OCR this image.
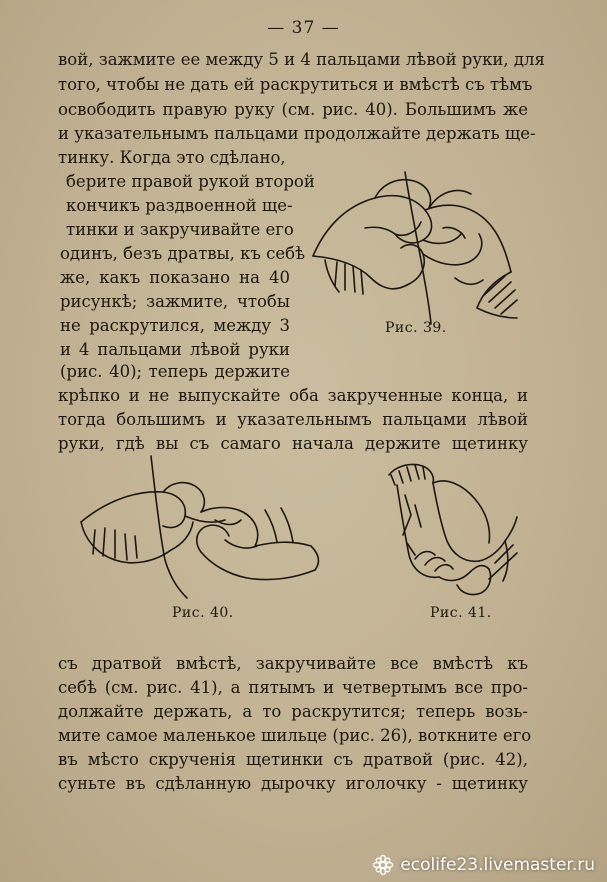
— 37 —
вой, зажмите ее между 5 и 4 пальцами лѣвой руки, для
того, чтобы не дать ей раскрутиться и вмѣстѣ съ тѣмъ
освободить правую руку (см. рис. 40). Большимъ же
и указательнымъ пальцами продолжайте держать ще-
тинку. Когда это сдѣлано,
берите правой рукой второй
кончикъ раздвоенной ще-
тинки и закручивайте его
одинъ, безъ дратвы, къ себѣ
же, какъ показано на 40
рисункѣ; зажмите, чтобы
не раскрутился, между 3
и 4 пальцами лѣвой руки
(рис. 40); теперь держите
крѣпко и не выпускайте оба закрученные конца, и
тогда большимъ и указательнымъ пальцами лѣвой
руки, гдѣ вы съ самаго начала держите щетинку
Рис. 39.
Рис. 40.	Рис. 41.
съ дратвой вмѣстѣ, закручивайте все вмѣстѣ къ
себѣ (см. рис. 41), а пятымъ и четвертымъ все про-
должайте держать, а то раскрутится; теперь возь-
мите самое маленькое шильце (рис. 26), воткните его
въ мѣсто скрученія щетинки съ дратвой (рис. 42),
суньте въ сдѣланную дырочку иголочку - щетинку
ecolife23.livemaster.ru
